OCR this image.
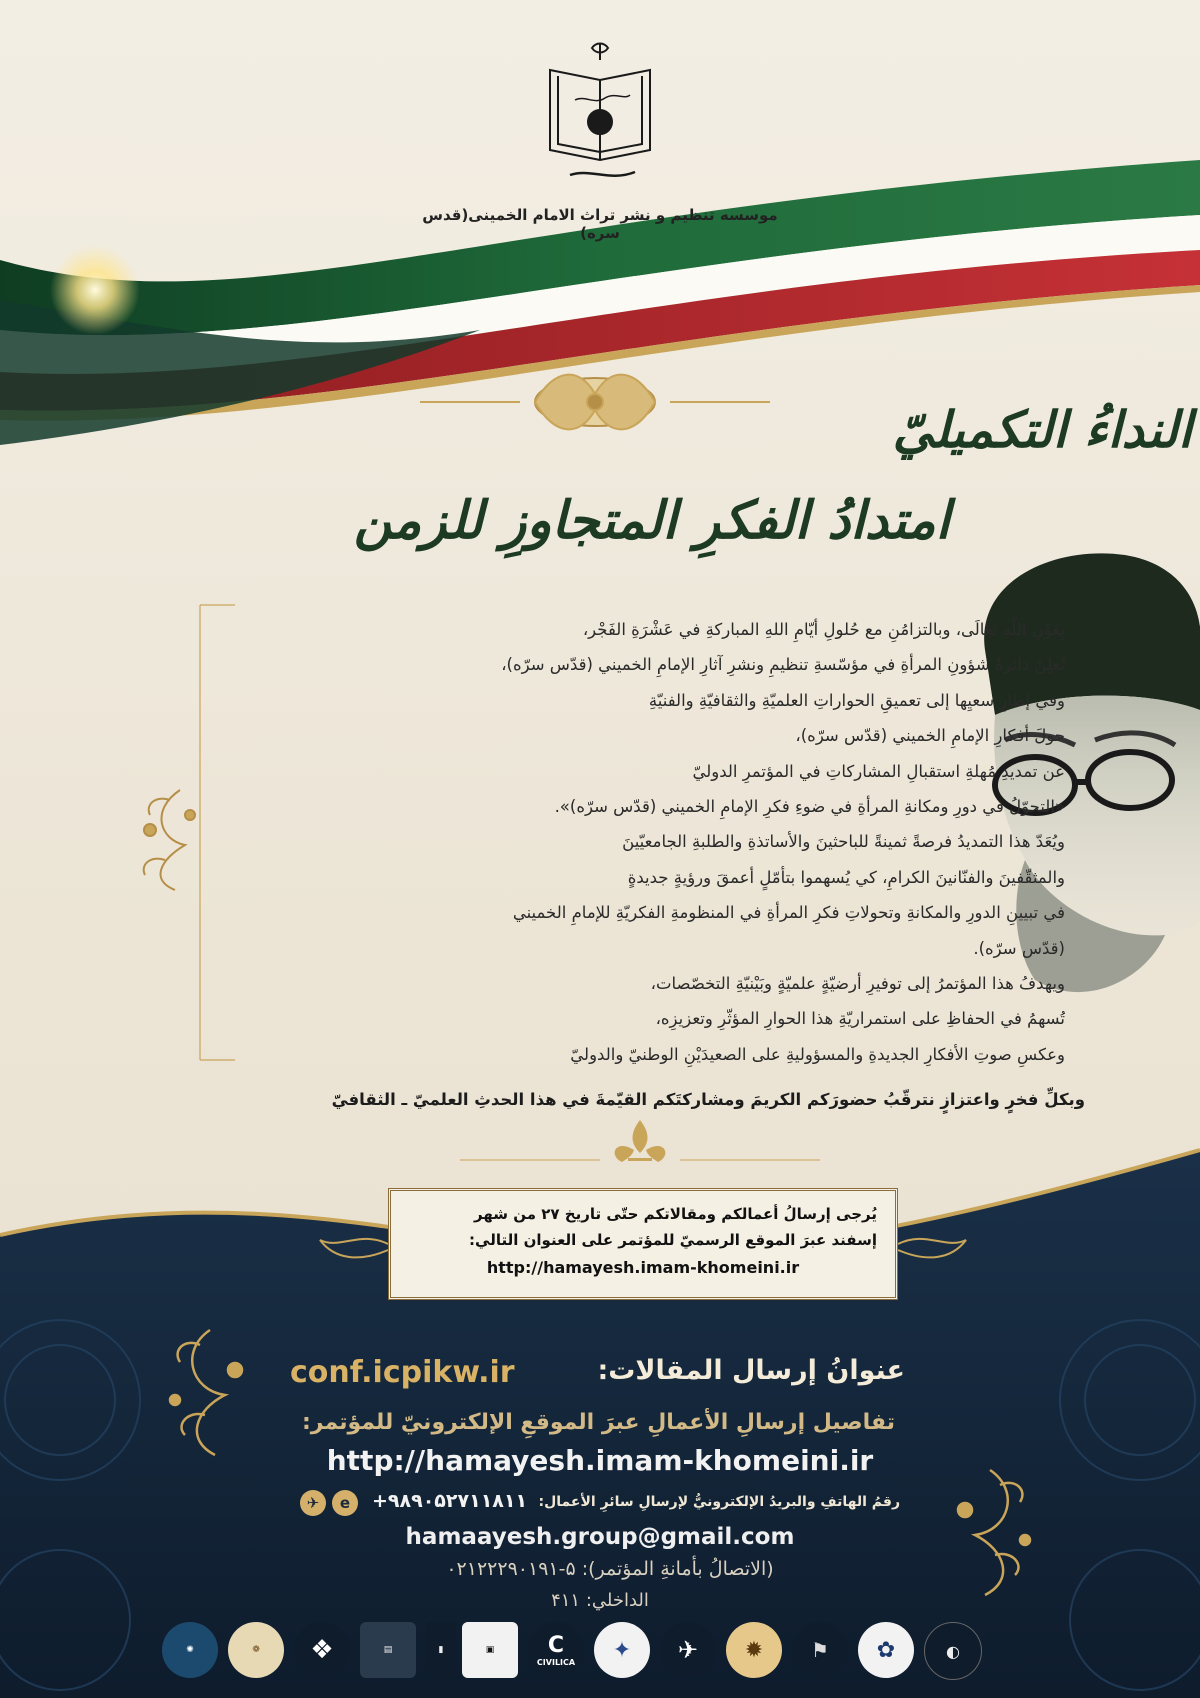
موسسه تنظیم و نشر تراث الامام الخمینی(قدس سره)
النداءُ التكميليّ
امتدادُ الفكرِ المتجاوزِ للزمن
بِعَوْنِ اللّهِ تَعَالَى، وبالتزامُنِ مع حُلولِ أيّامِ اللهِ المباركةِ في عَشْرَةِ الفَجْر،
تُعلِنُ دائرةُ شؤونِ المرأةِ في مؤسّسةِ تنظيمِ ونشرِ آثارِ الإمامِ الخميني (قدّس سرّه)،
وفي إطارِ سعيِها إلى تعميقِ الحواراتِ العلميّةِ والثقافيّةِ والفنيّةِ
حولَ أفكارِ الإمامِ الخميني (قدّس سرّه)،
عن تمديدِ مُهلةِ استقبالِ المشاركاتِ في المؤتمرِ الدوليّ
«التحوّلُ في دورِ ومكانةِ المرأةِ في ضوءِ فكرِ الإمامِ الخميني (قدّس سرّه)».
ويُعَدّ هذا التمديدُ فرصةً ثمينةً للباحثينَ والأساتذةِ والطلبةِ الجامعيّينَ
والمثقّفينَ والفنّانينَ الكرامِ، كي يُسهموا بتأمّلٍ أعمقَ ورؤيةٍ جديدةٍ
في تبيينِ الدورِ والمكانةِ وتحولاتِ فكرِ المرأةِ في المنظومةِ الفكريّةِ للإمامِ الخميني
(قدّس سرّه).
ويهدفُ هذا المؤتمرُ إلى توفيرِ أرضيّةٍ علميّةٍ وبَيْنيّةِ التخصّصات،
تُسهمُ في الحفاظِ على استمراريّةِ هذا الحوارِ المؤثّرِ وتعزيزِه،
وعكسِ صوتِ الأفكارِ الجديدةِ والمسؤوليةِ على الصعيدَيْنِ الوطنيّ والدوليّ
وبكلِّ فخرٍ واعتزازٍ نترقّبُ حضورَكم الكريمَ ومشاركتَكم القيّمةَ في هذا الحدثِ العلميّ ـ الثقافيّ
يُرجى إرسالُ أعمالكم ومقالاتكم حتّى تاريخ ٢٧ من شهر
إسفند عبرَ الموقع الرسميّ للمؤتمر على العنوان التالي:
http://hamayesh.imam-khomeini.ir
conf.icpikw.ir	عنوانُ إرسال المقالات:
تفاصيل إرسالِ الأعمالِ عبرَ الموقعِ الإلكترونيّ للمؤتمر:
http://hamayesh.imam-khomeini.ir
✈	e	+۹۸۹۰۵۲۷۱۱۸۱۱ رقمُ الهاتفِ والبريدُ الإلكترونيُّ لإرسالِ سائرِ الأعمال:
hamaayesh.group@gmail.com
(الاتصالُ بأمانةِ المؤتمر): ۵-۰۲۱۲۲۲۹۰۱۹۱
الداخلي: ۴۱۱
✺	❁ ❖	▤	▮	▣ C
CIVILICA ✦ ✈ ✹ ⚑ ✿	◐
